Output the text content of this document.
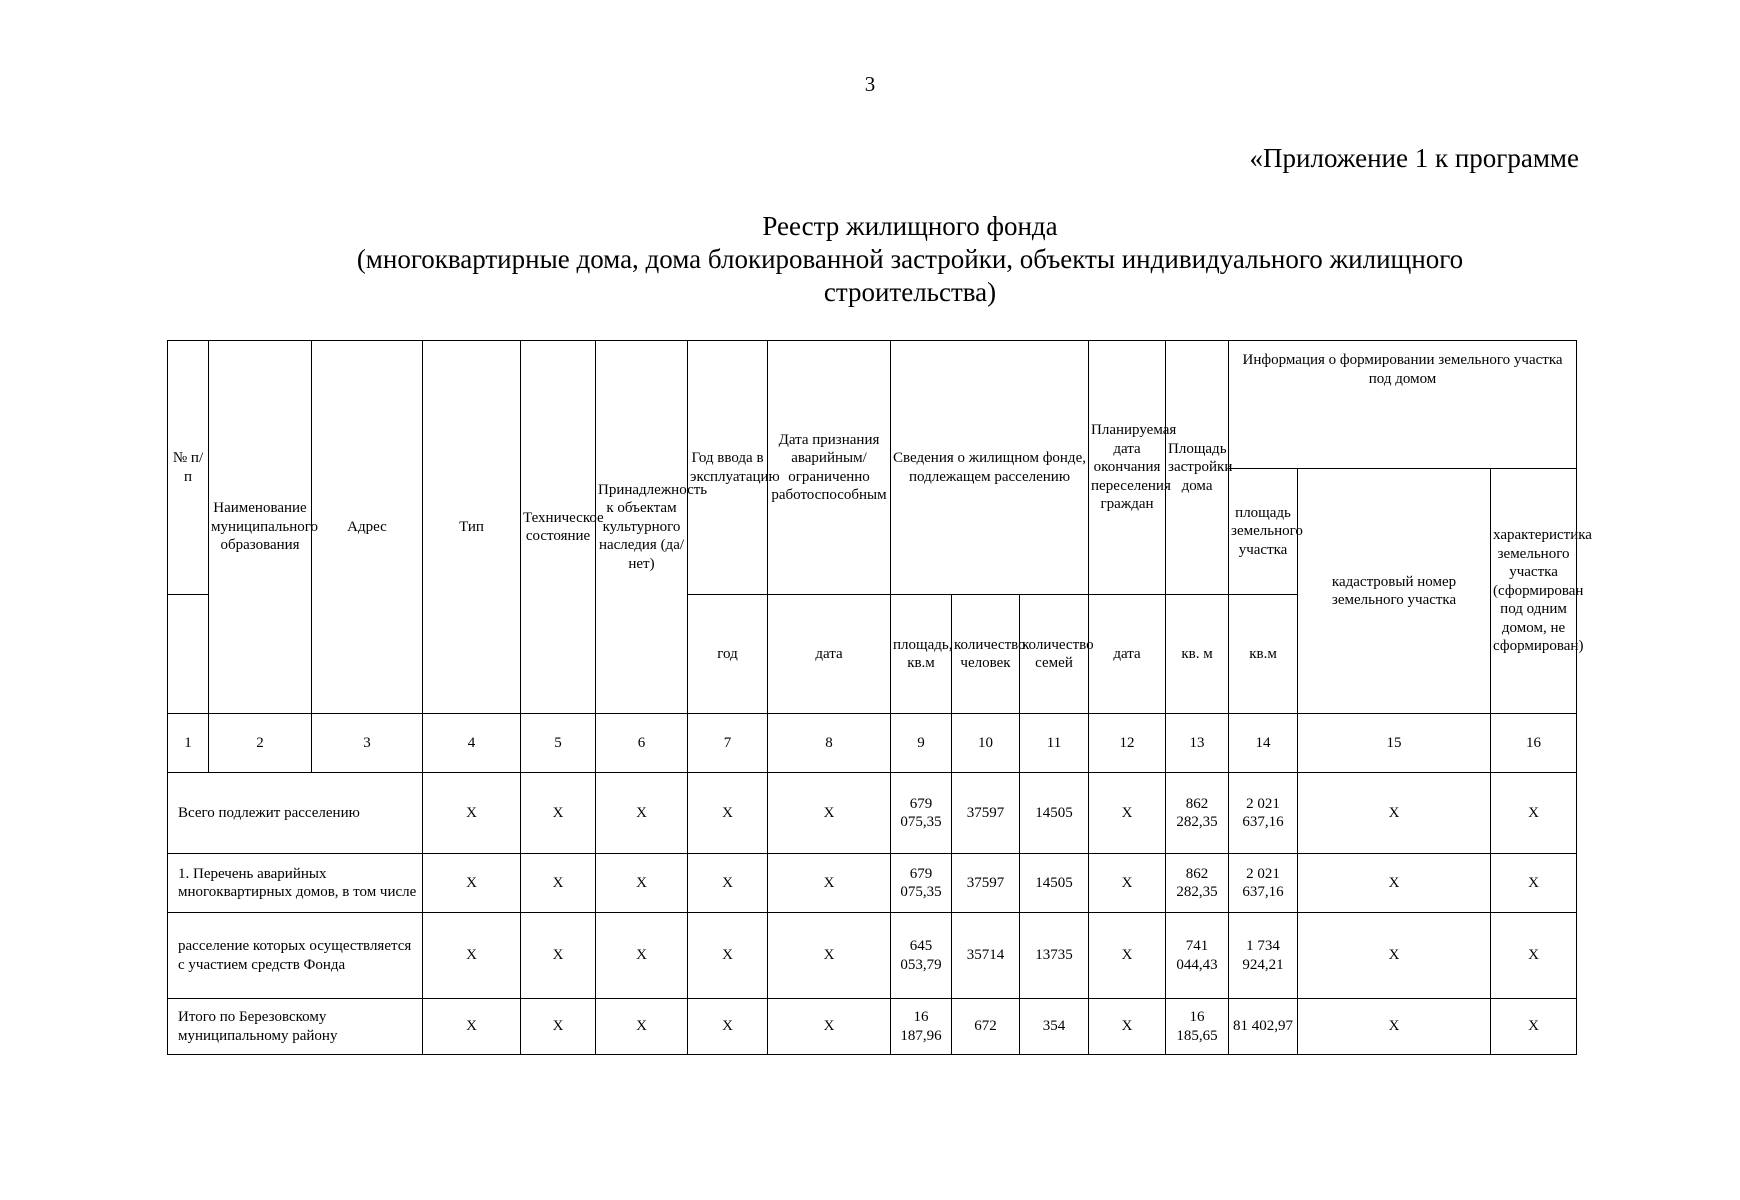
3
«Приложение 1 к программе
Реестр жилищного фонда
(многоквартирные дома, дома блокированной застройки, объекты индивидуального жилищного
строительства)
№ п/п	Наименование муниципального образования	Адрес	Тип	Техническое состояние	Принадлежность к объектам культурного наследия (да/нет)	Год ввода в эксплуатацию	Дата признания аварийным/ограниченно работоспособным	Сведения о жилищном фонде, подлежащем расселению			Планируемая дата окончания переселения граждан	Площадь застройки дома	Информация о формировании земельного участка под домом		
													площадь земельного участка	кадастровый номер земельного участка	характеристика земельного участка (сформирован под одним домом, не сформирован)
						год	дата	площадь, кв.м	количество человек	количество семей	дата	кв. м	кв.м		
1	2	3	4	5	6	7	8	9	10	11	12	13	14	15	16
Всего подлежит расселению			X	X	X	X	X	679 075,35	37597	14505	X	862 282,35	2 021 637,16	X	X
1. Перечень аварийных многоквартирных домов, в том числе			X	X	X	X	X	679 075,35	37597	14505	X	862 282,35	2 021 637,16	X	X
расселение которых осуществляется с участием средств Фонда			X	X	X	X	X	645 053,79	35714	13735	X	741 044,43	1 734 924,21	X	X
Итого по Березовскому муниципальному району			X	X	X	X	X	16 187,96	672	354	X	16 185,65	81 402,97	X	X
